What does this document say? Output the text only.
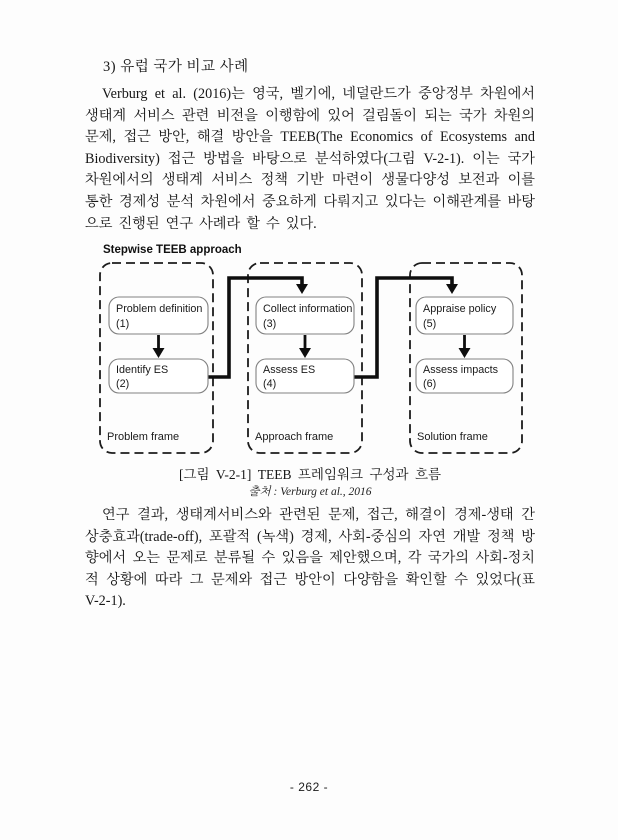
3) 유럽 국가 비교 사례

Verburg et al. (2016)는 영국, 벨기에, 네덜란드가 중앙정부 차원에서 생태계 서비스 관련 비전을 이행함에 있어 걸림돌이 되는 국가 차원의 문제, 접근 방안, 해결 방안을 TEEB(The Economics of Ecosystems and Biodiversity) 접근 방법을 바탕으로 분석하였다(그림 V-2-1). 이는 국가 차원에서의 생태계 서비스 정책 기반 마련이 생물다양성 보전과 이를 통한 경제성 분석 차원에서 중요하게 다뤄지고 있다는 이해관계를 바탕으로 진행된 연구 사례라 할 수 있다.

Stepwise TEEB approach
Problem definition
(1)
Identify ES
(2)
Problem frame
Collect information
(3)
Assess ES
(4)
Approach frame
Appraise policy
(5)
Assess impacts
(6)
Solution frame
[그림 V-2-1] TEEB 프레임워크 구성과 흐름
출처 : Verburg et al., 2016

연구 결과, 생태계서비스와 관련된 문제, 접근, 해결이 경제-생태 간 상충효과(trade-off), 포괄적 (녹색) 경제, 사회-중심의 자연 개발 정책 방향에서 오는 문제로 분류될 수 있음을 제안했으며, 각 국가의 사회-정치적 상황에 따라 그 문제와 접근 방안이 다양함을 확인할 수 있었다(표 V-2-1).

- 262 -
